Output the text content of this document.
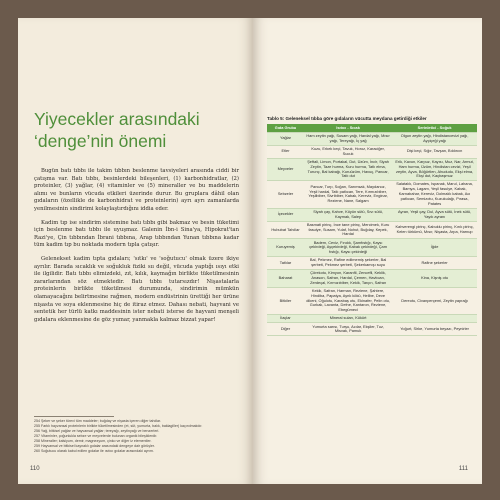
Yiyecekler arasındaki
‘denge’nin önemi

Bugün batı tıbbı ile takim tıbbın beslenme tavsiyeleri arasında ciddi bir çatışma var. Batı tıbbı, besinlerdeki bileşenleri, (1) karbonhidratlar, (2) proteinler, (3) yağlar, (4) vitaminler ve (5) mineraller ve bu maddelerin alımı ve bunların vücuda etkileri üzerinde durur. Bu gruplara dâhil olan gıdaların (özellikle de karbonhidrat ve proteinlerin) ayrı ayrı zamanlarda yenilmesinin sindirimi kolaylaştırdığını iddia eder.

Kadim tıp ise sindirim sistemine batı tıbbı gibi bakmaz ve besin tüketimi için beslenme batı tıbbı ile uyuşmaz. Galenin İbn-i Sina'ya, Hipokrat'tan Razi'ye, Çin tıbbından İbrani tıbbına, Arap tıbbından Yunan tıbbına kadar tüm kadim tıp bu noktada modern tıpla çatışır.

Gelenekset kadim tıpta gıdaları; 'sıtkı' ve 'soğutucu' olmak üzere ikiye ayrılır. Barada sıcaklık ve soğukluk fiziki sıı değil, vücuda yaptığı ısıyı etki ile ilgilidir. Batı tıbbı elimizdeki, zıt, kılık, kaymağın birlikte tüketilmesinin zararlarından söz etmektedir. Batı tıbbı tutarsızdır! Nişastalarla proteinlerin birlikte tüketilmesi durumunda, sindirimin mümkün olamayacağını belirtmesine rağmen, modern endüstrinin ürettiği her ürüne nişasta ve soya eklenmesine hiç de itiraz etmez. Dahası nebati, hayvani ve sentetik her türlü katkı maddesinin ister nebati isterse de hayvani menşeli gıdalara eklenmesine de göz yumar, yanmakla kalmaz bizzat yapar!

254 Şeker ve şeker türevi tüm maddeler; buğday ve nişasta içeren diğer tahıllar.
255 Farklı hayvansal proteinlerin birlikte tüketilmesinden (et, süt, yumurta, balık, baklagiller) kaçınılmalıdır.
256 Yağ, bitkisel yağlar ve hayvansal yağlar; tereyağı, zeytinyağı ve benzerleri.
257 Vitaminler, çoğunlukla sebze ve meyvelerde bulunan organik bileşiklerdir.
258 Mineraller; kalsiyum, demir, magnezyum, çinko ve diğer iz elementler.
259 Hayvansal ve bitkisel kaynaklı gıdalar arasındaki dengeye dair görüşler.
260 Soğutucu olarak kabul edilen gıdalar ile ısıtıcı gıdalar arasındaki ayrım.
110
Tablo 5: Geleneksel tıbba göre gıdaların vücutta meydana getirdiği etkiler
Gıda Grubu	Isıtıcı - Sıcak	Serinletici - Soğuk
Yağlar	Ham zeytin yağı, Susam yağı, Hardal yağı, Mısır yağı, Tereyağı, İç yağ	Olgun zeytin yağı, Hindistancevizi yağı, Ayçiçeği yağı
Etler	Kuzu, Erkek keçi, Tavuk, Horoz, Karaciğer, Sucuk	Dişi keçi, Sığır, Tavşan, Bıldırcın
Meyveler	Şeftali, Limon, Portakal, Dut, Üzüm, İncir, Siyah Zeytin, Taze hurma, Kuru hurma, Tatlı elma, Turunç, Bal kabağı, Kuruüzüm, Havuç, Pancar, Tatlı dut	Erik, Kavun, Karpuz, Kayısı, Muz, Nar, Armut, Ham hurma, Üzüm, Hindistan cevizi, Yeşil zeytin, Ayva, Böğürtlen, Ahududu, Ekşi elma, Ekşi dut, Kaçbaşmuz
Sebzeler	Pancar, Turp, Soğan, Sarımsak, Maydanoz, Yeşil hardal, Tatlı patlıcan, Tere, Kırmızıbiber, Yeşilbiber, Sivribiber, Kabak, Kereviz, Enginar, Reziene, Nane, Salgam	Salatalık, Domates, Ispanak, Marul, Lahana, Bamya, Lagam, Yeşil fasulye, Kabak, Karnabahar, Kereviz, Dolmalık kabak, Acı patlıcan, Semizotu, Kuzukulağı, Pırasa, Patates
İçecekler	Siyah çay, Kahve, Köyün sütü, Sıvı sütü, Kaymak, Salep	Ayran, Yeşil çay, Dul, Ayva sütü, İnek sütü, Yayık ayranı
Hububat Tahıllar	Basmati pirinç, İnce tane pirinç, Mercimek, Kuru fasulye, Susam, Yulaf, Nohut, Buğday, Kepek, Hardal	Kahverengi pirinç, Kabuklu pirinç, Kırık pirinç, Kelen türkümü, Mısır, Nişasta, Arpa, Harnup
Kuruyemiş	Badem, Ceviz, Fındık, Şamfıstığı, Kaysı çekirdeği, Ayçekirdeği, Kabak çekirdeği, Çam fıstığı, Kaysı çekirdeği	İğde
Tatlılar	Bal, Pekmez, Rafine edilmemiş şekerler, Bal şerbeti, Pekmez şerbeti, Şekerkamışı suyu	Rafine şekerler
Baharat	Çörekotu, Kimyon, Karanfil, Zencefil, Keklik, Anason, Safran, Hardal, Çemen, Havlıcan, Zerdeçal, Kırmızıbiber, Kekik, Tarçın, Safran	Kina, Kişniş otu
Bitkiler	Kekik, Safran, Harman, Reziene, Şahtere, Hindiba, Papatya, Aynk kökü, Hellbe, Deve dikeni, Oğulotu, Karabaş otu, Ekinafer, Pelin otu, Gurkak, Lavanta, Defne, Kantaron, Reziene, Ebegümeci	Dereotu, Civanperçemi, Zeytin yaprağı
İlaçlar	Mineral suları, Kükürt	
Diğer	Yumurta sarısı, Turşu, Acılar, Ekşiler, Tuz, Misvak, Pamuk	Yoğurt, Sirke, Yumurta beyazı, Peynirler
111
